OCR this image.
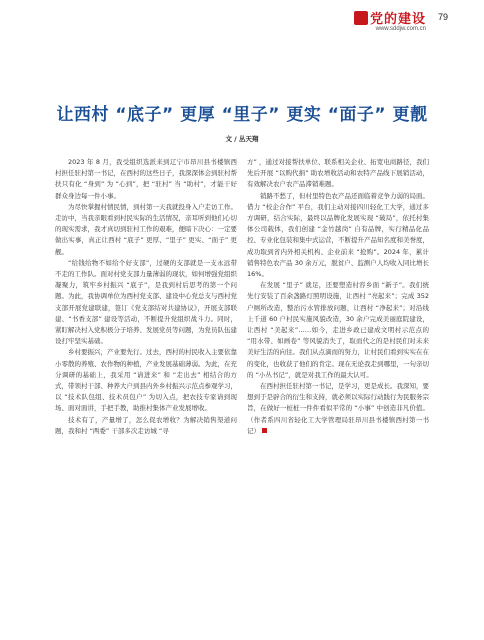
党的建设
www.sddjw.com.cn
79
让西村 “底子” 更厚 “里子” 更实 “面子” 更靓
文 / 丛天翔

2023 年 8 月，我受组织选派来到辽宁市昂川县书楼镇西村担任驻村第一书记，在西村的这些日子，我深深体会到驻村帮扶只有化 “身到” 为 “心到”，把 “驻村” 当 “助村”，才能干好群众身边每一件小事。

为尽快掌握村情民情，到村第一天我就投身入户走访工作。走访中，当我亲眼看到村民实际的生活情况，亲耳听到他们心切的现实需求，我才真切到驻村工作的艰难，便暗下决心：一定要做出实事，真正让西村 “底子” 更厚、“里子” 更实、“面子” 更靓。

“给钱给物不如给个好支部”，过硬的支部就是一支永远带不走的工作队。面对村党支部力量薄弱的现状，如何增强党组织凝聚力，筑牢乡村振兴 “底子”，是我到村后思考的第一个问题。为此，我协调单位为西村党支部、建设中心党总支与西村党支部开展党建联建，签订《党支部结对共建协议》，开展支部联建、“书香支部” 建设等活动，不断提升党组织战斗力。同时，紧盯解决村入党积极分子培养、发展党员等问题，为党员队伍建设打牢坚实基础。

乡村要振兴，产业要先行。过去，西村的村民收入主要依靠小零散的养殖、农作物的种植，产业发展基础薄弱。为此，在充分调研的基础上，我采用 “请进来” 和 “走出去” 相结合的方式，带领村干部、种养大户到县内外乡村振兴示范点参观学习，以 “技术队包组、技术员包户” 为切入点，把农技专家请到现场、面对面讲，手把手教，助推村集体产业发展增收。

技术有了，产量增了，怎么促农增收？为解决销售渠道问题，我和村 “两委” 干部多次走访城 “寻

方” ，通过对接帮扶单位、联系相关企业、拓宽电商路径，我们先后开展 “以购代捐” 助农增收活动和农特产品线下展销活动，有效解决农户农产品滞销难题。

销路不愁了，但村里特色农产品还面临着竞争力弱的局面。借力 “校企合作” 平台，我们主动对接四川轻化工大学，通过多方调研，结合实际，最终以品牌化发展实现 “破局”，依托村集体公司载体，我们创建 “金竹越岗” 自有品牌，实行精品化品控、专业化包装和集中式运营，不断提升产品知名度和美誉度，成功取到省内外相关机构、企业前来 “抢购”。2024 年，累计销售特色农产品 30 余万元，脱贫户、监测户人均收入同比增长 16%。

在发展 “里子” 就足，还要塑造村容乡面 “新子”。我们统先行安装了百余盏路灯照明设施，让西村 “亮起来”；完成 352 户厕所改造，整治污水管排放问题，让西村 “净起来”；对沿线上千道 60 户村民实施风貌改造，30 余户完成美丽庭院建设，让西村 “美起来”……如今，走进乡政已建成文明村示范点的 “用水带、如画卷” 等风貌消失了，取而代之的是村民们对未来美好生活的向往。我们从点滴而的努力，让村民们看到实实在在的变化，也收获了他们的肯定。现在无论我走到哪里，一句亲切的 “小丛书记”，就是对我工作的最大认可。

在西村担任驻村第一书记，是学习，更是成长。我深知，要想到于是辟合的衍生和支持，就必须以实际行动践行为民服务宗旨，在做好一桩桩一件件看似平常的 “小事” 中创造非凡价值。（作者系四川省轻化工大学管理局驻昂川县书楼镇西村第一书记）
